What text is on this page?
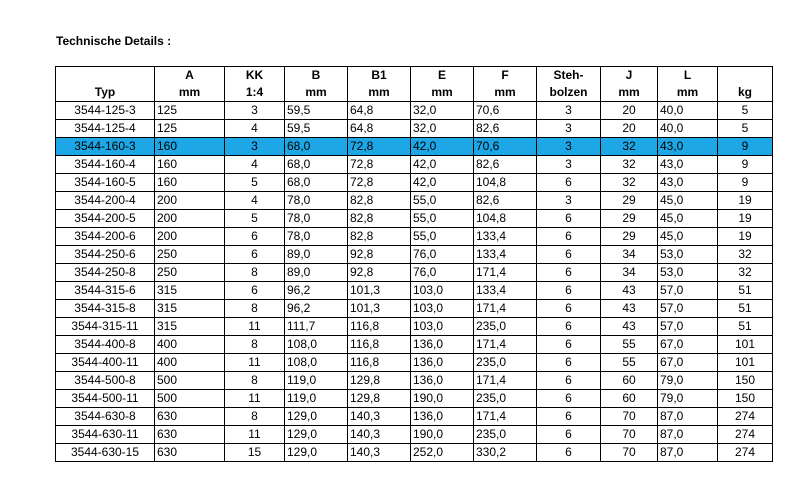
Technische Details :
	A	KK	B	B1	E	F	Steh-	J	L	
Typ	mm	1:4	mm	mm	mm	mm	bolzen	mm	mm	kg
3544-125-3	125	3	59,5	64,8	32,0	70,6	3	20	40,0	5
3544-125-4	125	4	59,5	64,8	32,0	82,6	3	20	40,0	5
3544-160-3	160	3	68,0	72,8	42,0	70,6	3	32	43,0	9
3544-160-4	160	4	68,0	72,8	42,0	82,6	3	32	43,0	9
3544-160-5	160	5	68,0	72,8	42,0	104,8	6	32	43,0	9
3544-200-4	200	4	78,0	82,8	55,0	82,6	3	29	45,0	19
3544-200-5	200	5	78,0	82,8	55,0	104,8	6	29	45,0	19
3544-200-6	200	6	78,0	82,8	55,0	133,4	6	29	45,0	19
3544-250-6	250	6	89,0	92,8	76,0	133,4	6	34	53,0	32
3544-250-8	250	8	89,0	92,8	76,0	171,4	6	34	53,0	32
3544-315-6	315	6	96,2	101,3	103,0	133,4	6	43	57,0	51
3544-315-8	315	8	96,2	101,3	103,0	171,4	6	43	57,0	51
3544-315-11	315	11	111,7	116,8	103,0	235,0	6	43	57,0	51
3544-400-8	400	8	108,0	116,8	136,0	171,4	6	55	67,0	101
3544-400-11	400	11	108,0	116,8	136,0	235,0	6	55	67,0	101
3544-500-8	500	8	119,0	129,8	136,0	171,4	6	60	79,0	150
3544-500-11	500	11	119,0	129,8	190,0	235,0	6	60	79,0	150
3544-630-8	630	8	129,0	140,3	136,0	171,4	6	70	87,0	274
3544-630-11	630	11	129,0	140,3	190,0	235,0	6	70	87,0	274
3544-630-15	630	15	129,0	140,3	252,0	330,2	6	70	87,0	274
